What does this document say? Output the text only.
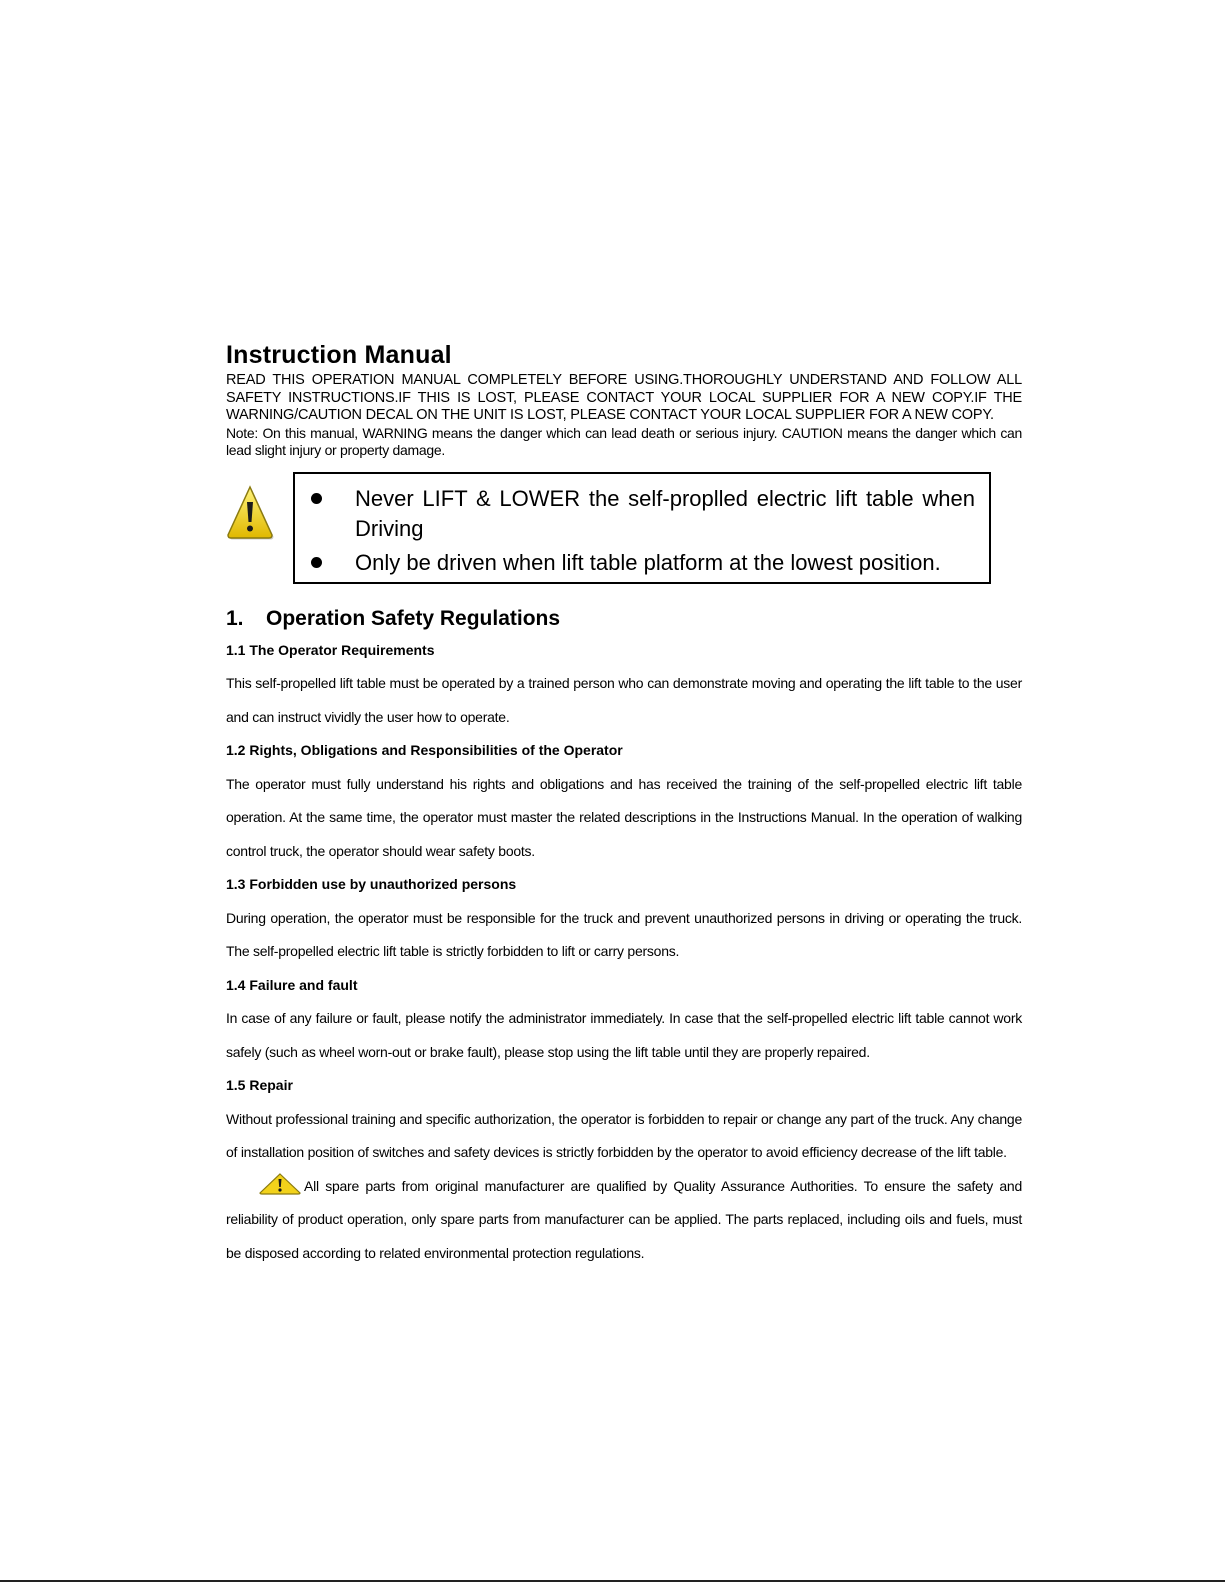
Instruction Manual

READ THIS OPERATION MANUAL COMPLETELY BEFORE USING.THOROUGHLY UNDERSTAND AND FOLLOW ALL SAFETY INSTRUCTIONS.IF THIS IS LOST, PLEASE CONTACT YOUR LOCAL SUPPLIER FOR A NEW COPY.IF THE WARNING/CAUTION DECAL ON THE UNIT IS LOST, PLEASE CONTACT YOUR LOCAL SUPPLIER FOR A NEW COPY.

Note: On this manual, WARNING means the danger which can lead death or serious injury. CAUTION means the danger which can lead slight injury or property damage.

Never LIFT & LOWER the self-proplled electric lift table when Driving
Only be driven when lift table platform at the lowest position.
1. Operation Safety Regulations
1.1 The Operator Requirements

This self-propelled lift table must be operated by a trained person who can demonstrate moving and operating the lift table to the user and can instruct vividly the user how to operate.

1.2 Rights, Obligations and Responsibilities of the Operator

The operator must fully understand his rights and obligations and has received the training of the self-propelled electric lift table operation. At the same time, the operator must master the related descriptions in the Instructions Manual. In the operation of walking control truck, the operator should wear safety boots.

1.3 Forbidden use by unauthorized persons

During operation, the operator must be responsible for the truck and prevent unauthorized persons in driving or operating the truck. The self-propelled electric lift table is strictly forbidden to lift or carry persons.

1.4 Failure and fault

In case of any failure or fault, please notify the administrator immediately. In case that the self-propelled electric lift table cannot work safely (such as wheel worn-out or brake fault), please stop using the lift table until they are properly repaired.

1.5 Repair

Without professional training and specific authorization, the operator is forbidden to repair or change any part of the truck. Any change of installation position of switches and safety devices is strictly forbidden by the operator to avoid efficiency decrease of the lift table.

All spare parts from original manufacturer are qualified by Quality Assurance Authorities. To ensure the safety and reliability of product operation, only spare parts from manufacturer can be applied. The parts replaced, including oils and fuels, must be disposed according to related environmental protection regulations.
